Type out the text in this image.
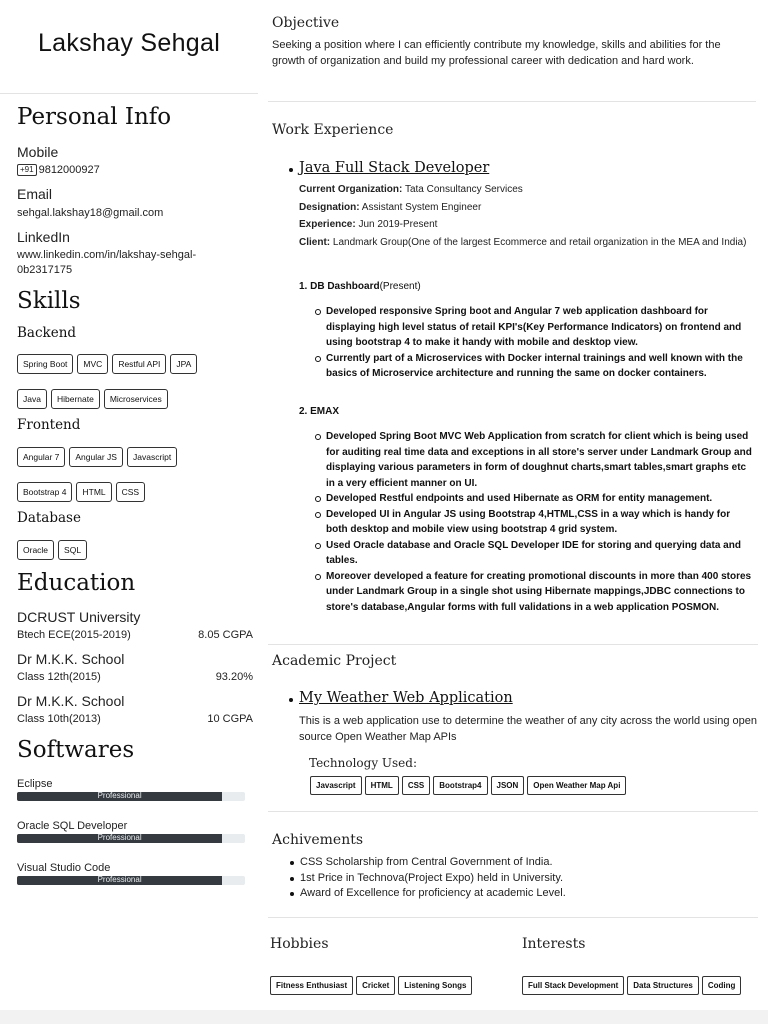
Lakshay Sehgal
Personal Info
Mobile
+91 9812000927
Email
sehgal.lakshay18@gmail.com
LinkedIn
www.linkedin.com/in/lakshay-sehgal-
0b2317175
Skills
Backend
Spring Boot	MVC	Restful API	JPA
Java	Hibernate	Microservices
Frontend
Angular 7	Angular JS	Javascript
Bootstrap 4	HTML	CSS
Database
Oracle	SQL
Education
DCRUST University
Btech ECE(2015-2019)	8.05 CGPA
Dr M.K.K. School
Class 12th(2015)	93.20%
Dr M.K.K. School
Class 10th(2013)	10 CGPA
Softwares
Eclipse
Professional
Oracle SQL Developer
Professional
Visual Studio Code
Professional
Objective
Seeking a position where I can efficiently contribute my knowledge, skills and abilities for the growth of organization and build my professional career with dedication and hard work.
Work Experience
Java Full Stack Developer
Current Organization: Tata Consultancy Services
Designation: Assistant System Engineer
Experience: Jun 2019-Present
Client: Landmark Group(One of the largest Ecommerce and retail organization in the MEA and India)
1. DB Dashboard(Present)
Developed responsive Spring boot and Angular 7 web application dashboard for displaying high level status of retail KPI's(Key Performance Indicators) on frontend and using bootstrap 4 to make it handy with mobile and desktop view.
Currently part of a Microservices with Docker internal trainings and well known with the basics of Microservice architecture and running the same on docker containers.
2. EMAX
Developed Spring Boot MVC Web Application from scratch for client which is being used for auditing real time data and exceptions in all store's server under Landmark Group and displaying various parameters in form of doughnut charts,smart tables,smart graphs etc in a very efficient manner on UI.
Developed Restful endpoints and used Hibernate as ORM for entity management.
Developed UI in Angular JS using Bootstrap 4,HTML,CSS in a way which is handy for both desktop and mobile view using bootstrap 4 grid system.
Used Oracle database and Oracle SQL Developer IDE for storing and querying data and tables.
Moreover developed a feature for creating promotional discounts in more than 400 stores under Landmark Group in a single shot using Hibernate mappings,JDBC connections to store's database,Angular forms with full validations in a web application POSMON.
Academic Project
My Weather Web Application
This is a web application use to determine the weather of any city across the world using open source Open Weather Map APIs
Technology Used:
Javascript	HTML	CSS	Bootstrap4	JSON	Open Weather Map Api
Achivements
CSS Scholarship from Central Government of India.
1st Price in Technova(Project Expo) held in University.
Award of Excellence for proficiency at academic Level.
Hobbies
Fitness Enthusiast	Cricket	Listening Songs
Interests
Full Stack Development	Data Structures	Coding
